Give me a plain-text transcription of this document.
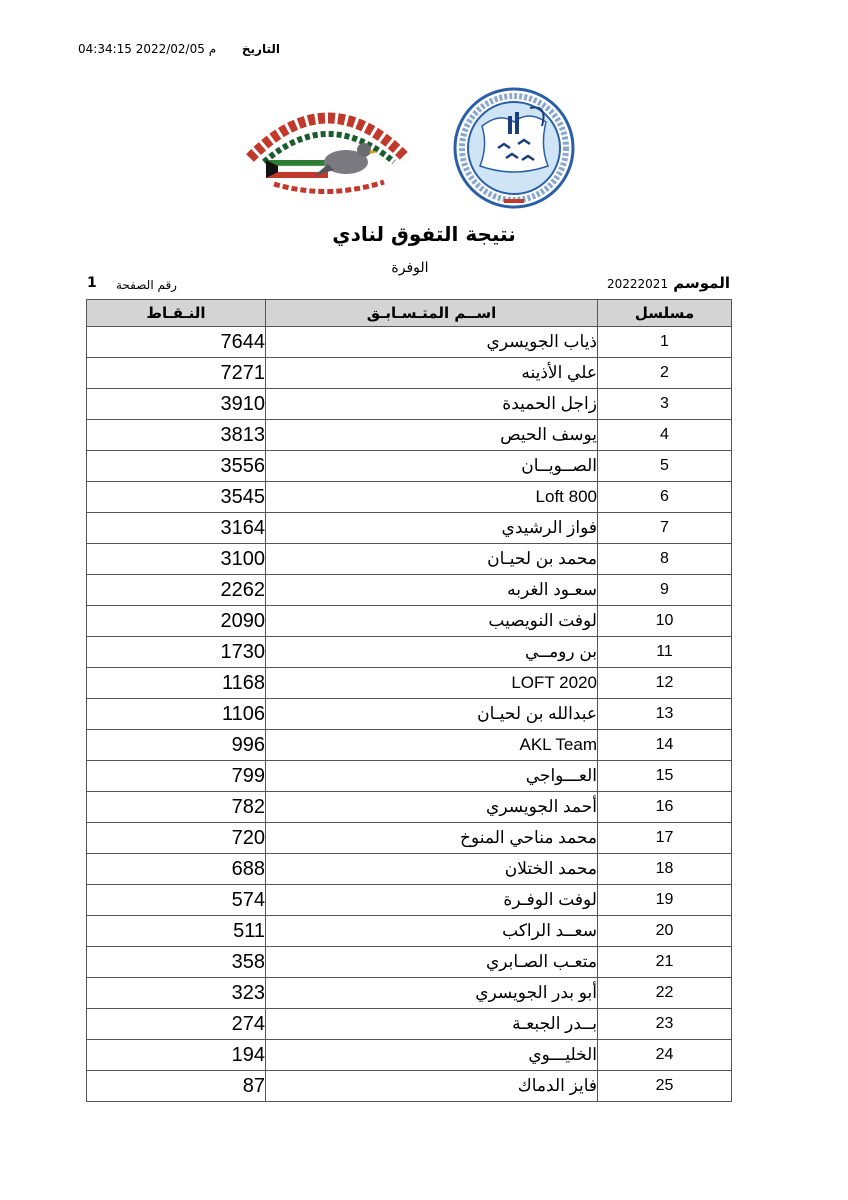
04:34:15 2022/02/05 م التاريخ
نتيجة التفوق لنادي
الوفرة
الموسم
20222021
رقم الصفحة
1
النـقـاط	اســم المتـسـابـق	مسلسل
7644	ذياب الجويسري	1
7271	علي الأذينه	2
3910	زاجل الحميدة	3
3813	يوسف الحيص	4
3556	الصــويــان	5
3545	Loft 800	6
3164	فواز الرشيدي	7
3100	محمد بن لحيـان	8
2262	سعـود الغربه	9
2090	لوفت النويصيب	10
1730	بن رومــي	11
1168	LOFT 2020	12
1106	عبدالله بن لحيـان	13
996	AKL Team	14
799	العـــواجي	15
782	أحمد الجويسري	16
720	محمد مناحي المنوخ	17
688	محمد الختلان	18
574	لوفت الوفـرة	19
511	سعــد الراكب	20
358	متعـب الصـابري	21
323	أبو بدر الجويسري	22
274	بــدر الجبعـة	23
194	الخليـــوي	24
87	فايز الدماك	25
